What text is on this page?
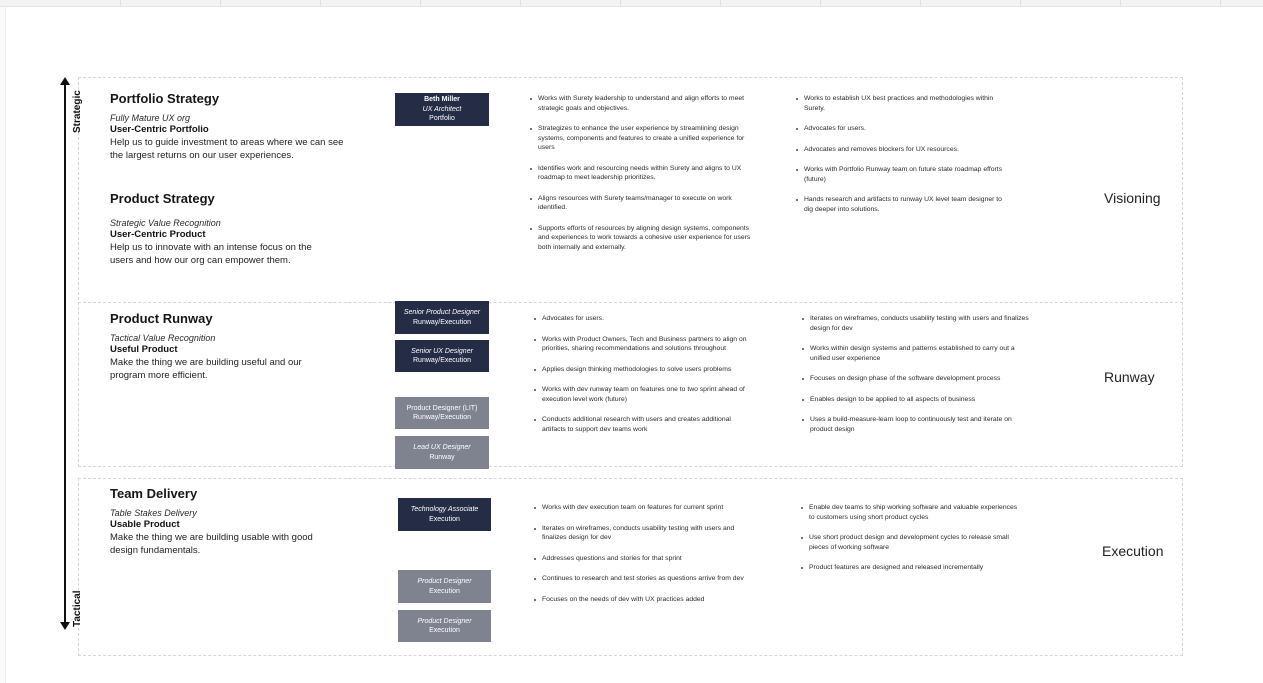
Strategic
Tactical
Portfolio Strategy
Fully Mature UX org
User-Centric Portfolio
Help us to guide investment to areas where we can see the largest returns on our user experiences.
Product Strategy
Strategic Value Recognition
User-Centric Product
Help us to innovate with an intense focus on the users and how our org can empower them.
Product Runway
Tactical Value Recognition
Useful Product
Make the thing we are building useful and our program more efficient.
Team Delivery
Table Stakes Delivery
Usable Product
Make the thing we are building usable with good design fundamentals.
Beth Miller
UX Architect
Portfolio
Senior Product Designer
Runway/Execution
Senior UX Designer
Runway/Execution
Product Designer (LIT)
Runway/Execution
Lead UX Designer
Runway
Technology Associate
Execution
Product Designer
Execution
Product Designer
Execution
Works with Surety leadership to understand and align efforts to meet strategic goals and objectives.
Strategizes to enhance the user experience by streamlining design systems, components and features to create a unified experience for users
Identifies work and resourcing needs within Surety and aligns to UX roadmap to meet leadership prioritizes.
Aligns resources with Surety teams/manager to execute on work identified.
Supports efforts of resources by aligning design systems, components and experiences to work towards a cohesive user experience for users both internally and externally.
Works to establish UX best practices and methodologies within Surety.
Advocates for users.
Advocates and removes blockers for UX resources.
Works with Portfolio Runway team on future state roadmap efforts (future)
Hands research and artifacts to runway UX level team designer to dig deeper into solutions.
Advocates for users.
Works with Product Owners, Tech and Business partners to align on priorities, sharing recommendations and solutions throughout
Applies design thinking methodologies to solve users problems
Works with dev runway team on features one to two sprint ahead of execution level work (future)
Conducts additional research with users and creates additional artifacts to support dev teams work
Iterates on wireframes, conducts usability testing with users and finalizes design for dev
Works within design systems and patterns established to carry out a unified user experience
Focuses on design phase of the software development process
Enables design to be applied to all aspects of business
Uses a build-measure-learn loop to continuously test and iterate on product design
Works with dev execution team on features for current sprint
Iterates on wireframes, conducts usability testing with users and finalizes design for dev
Addresses questions and stories for that sprint
Continues to research and test stories as questions arrive from dev
Focuses on the needs of dev with UX practices added
Enable dev teams to ship working software and valuable experiences to customers using short product cycles
Use short product design and development cycles to release small pieces of working software
Product features are designed and released incrementally
Visioning
Runway
Execution
